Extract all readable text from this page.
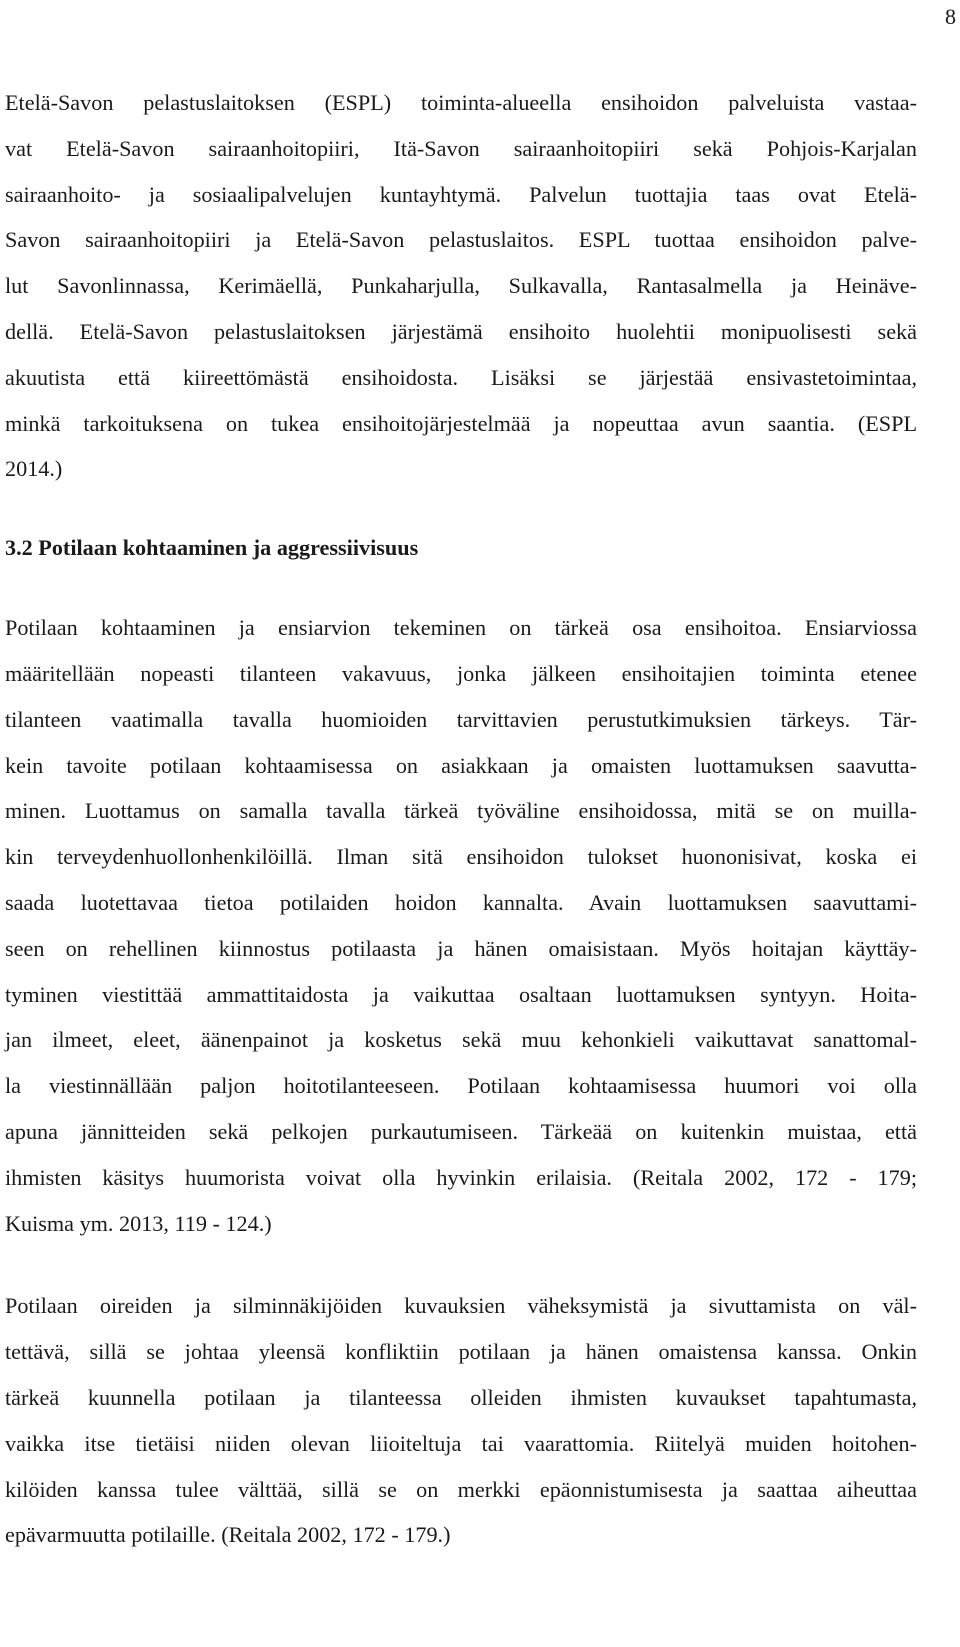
8
Etelä-Savon pelastuslaitoksen (ESPL) toiminta-alueella ensihoidon palveluista vastaa-
vat Etelä-Savon sairaanhoitopiiri, Itä-Savon sairaanhoitopiiri sekä Pohjois-Karjalan
sairaanhoito- ja sosiaalipalvelujen kuntayhtymä. Palvelun tuottajia taas ovat Etelä-
Savon sairaanhoitopiiri ja Etelä-Savon pelastuslaitos. ESPL tuottaa ensihoidon palve-
lut Savonlinnassa, Kerimäellä, Punkaharjulla, Sulkavalla, Rantasalmella ja Heinäve-
dellä. Etelä-Savon pelastuslaitoksen järjestämä ensihoito huolehtii monipuolisesti sekä
akuutista että kiireettömästä ensihoidosta. Lisäksi se järjestää ensivastetoimintaa,
minkä tarkoituksena on tukea ensihoitojärjestelmää ja nopeuttaa avun saantia. (ESPL
2014.)
3.2 Potilaan kohtaaminen ja aggressiivisuus
Potilaan kohtaaminen ja ensiarvion tekeminen on tärkeä osa ensihoitoa. Ensiarviossa
määritellään nopeasti tilanteen vakavuus, jonka jälkeen ensihoitajien toiminta etenee
tilanteen vaatimalla tavalla huomioiden tarvittavien perustutkimuksien tärkeys. Tär-
kein tavoite potilaan kohtaamisessa on asiakkaan ja omaisten luottamuksen saavutta-
minen. Luottamus on samalla tavalla tärkeä työväline ensihoidossa, mitä se on muilla-
kin terveydenhuollonhenkilöillä. Ilman sitä ensihoidon tulokset huononisivat, koska ei
saada luotettavaa tietoa potilaiden hoidon kannalta. Avain luottamuksen saavuttami-
seen on rehellinen kiinnostus potilaasta ja hänen omaisistaan. Myös hoitajan käyttäy-
tyminen viestittää ammattitaidosta ja vaikuttaa osaltaan luottamuksen syntyyn. Hoita-
jan ilmeet, eleet, äänenpainot ja kosketus sekä muu kehonkieli vaikuttavat sanattomal-
la viestinnällään paljon hoitotilanteeseen. Potilaan kohtaamisessa huumori voi olla
apuna jännitteiden sekä pelkojen purkautumiseen. Tärkeää on kuitenkin muistaa, että
ihmisten käsitys huumorista voivat olla hyvinkin erilaisia. (Reitala 2002, 172 - 179;
Kuisma ym. 2013, 119 - 124.)
Potilaan oireiden ja silminnäkijöiden kuvauksien väheksymistä ja sivuttamista on väl-
tettävä, sillä se johtaa yleensä konfliktiin potilaan ja hänen omaistensa kanssa. Onkin
tärkeä kuunnella potilaan ja tilanteessa olleiden ihmisten kuvaukset tapahtumasta,
vaikka itse tietäisi niiden olevan liioiteltuja tai vaarattomia. Riitelyä muiden hoitohen-
kilöiden kanssa tulee välttää, sillä se on merkki epäonnistumisesta ja saattaa aiheuttaa
epävarmuutta potilaille. (Reitala 2002, 172 - 179.)
